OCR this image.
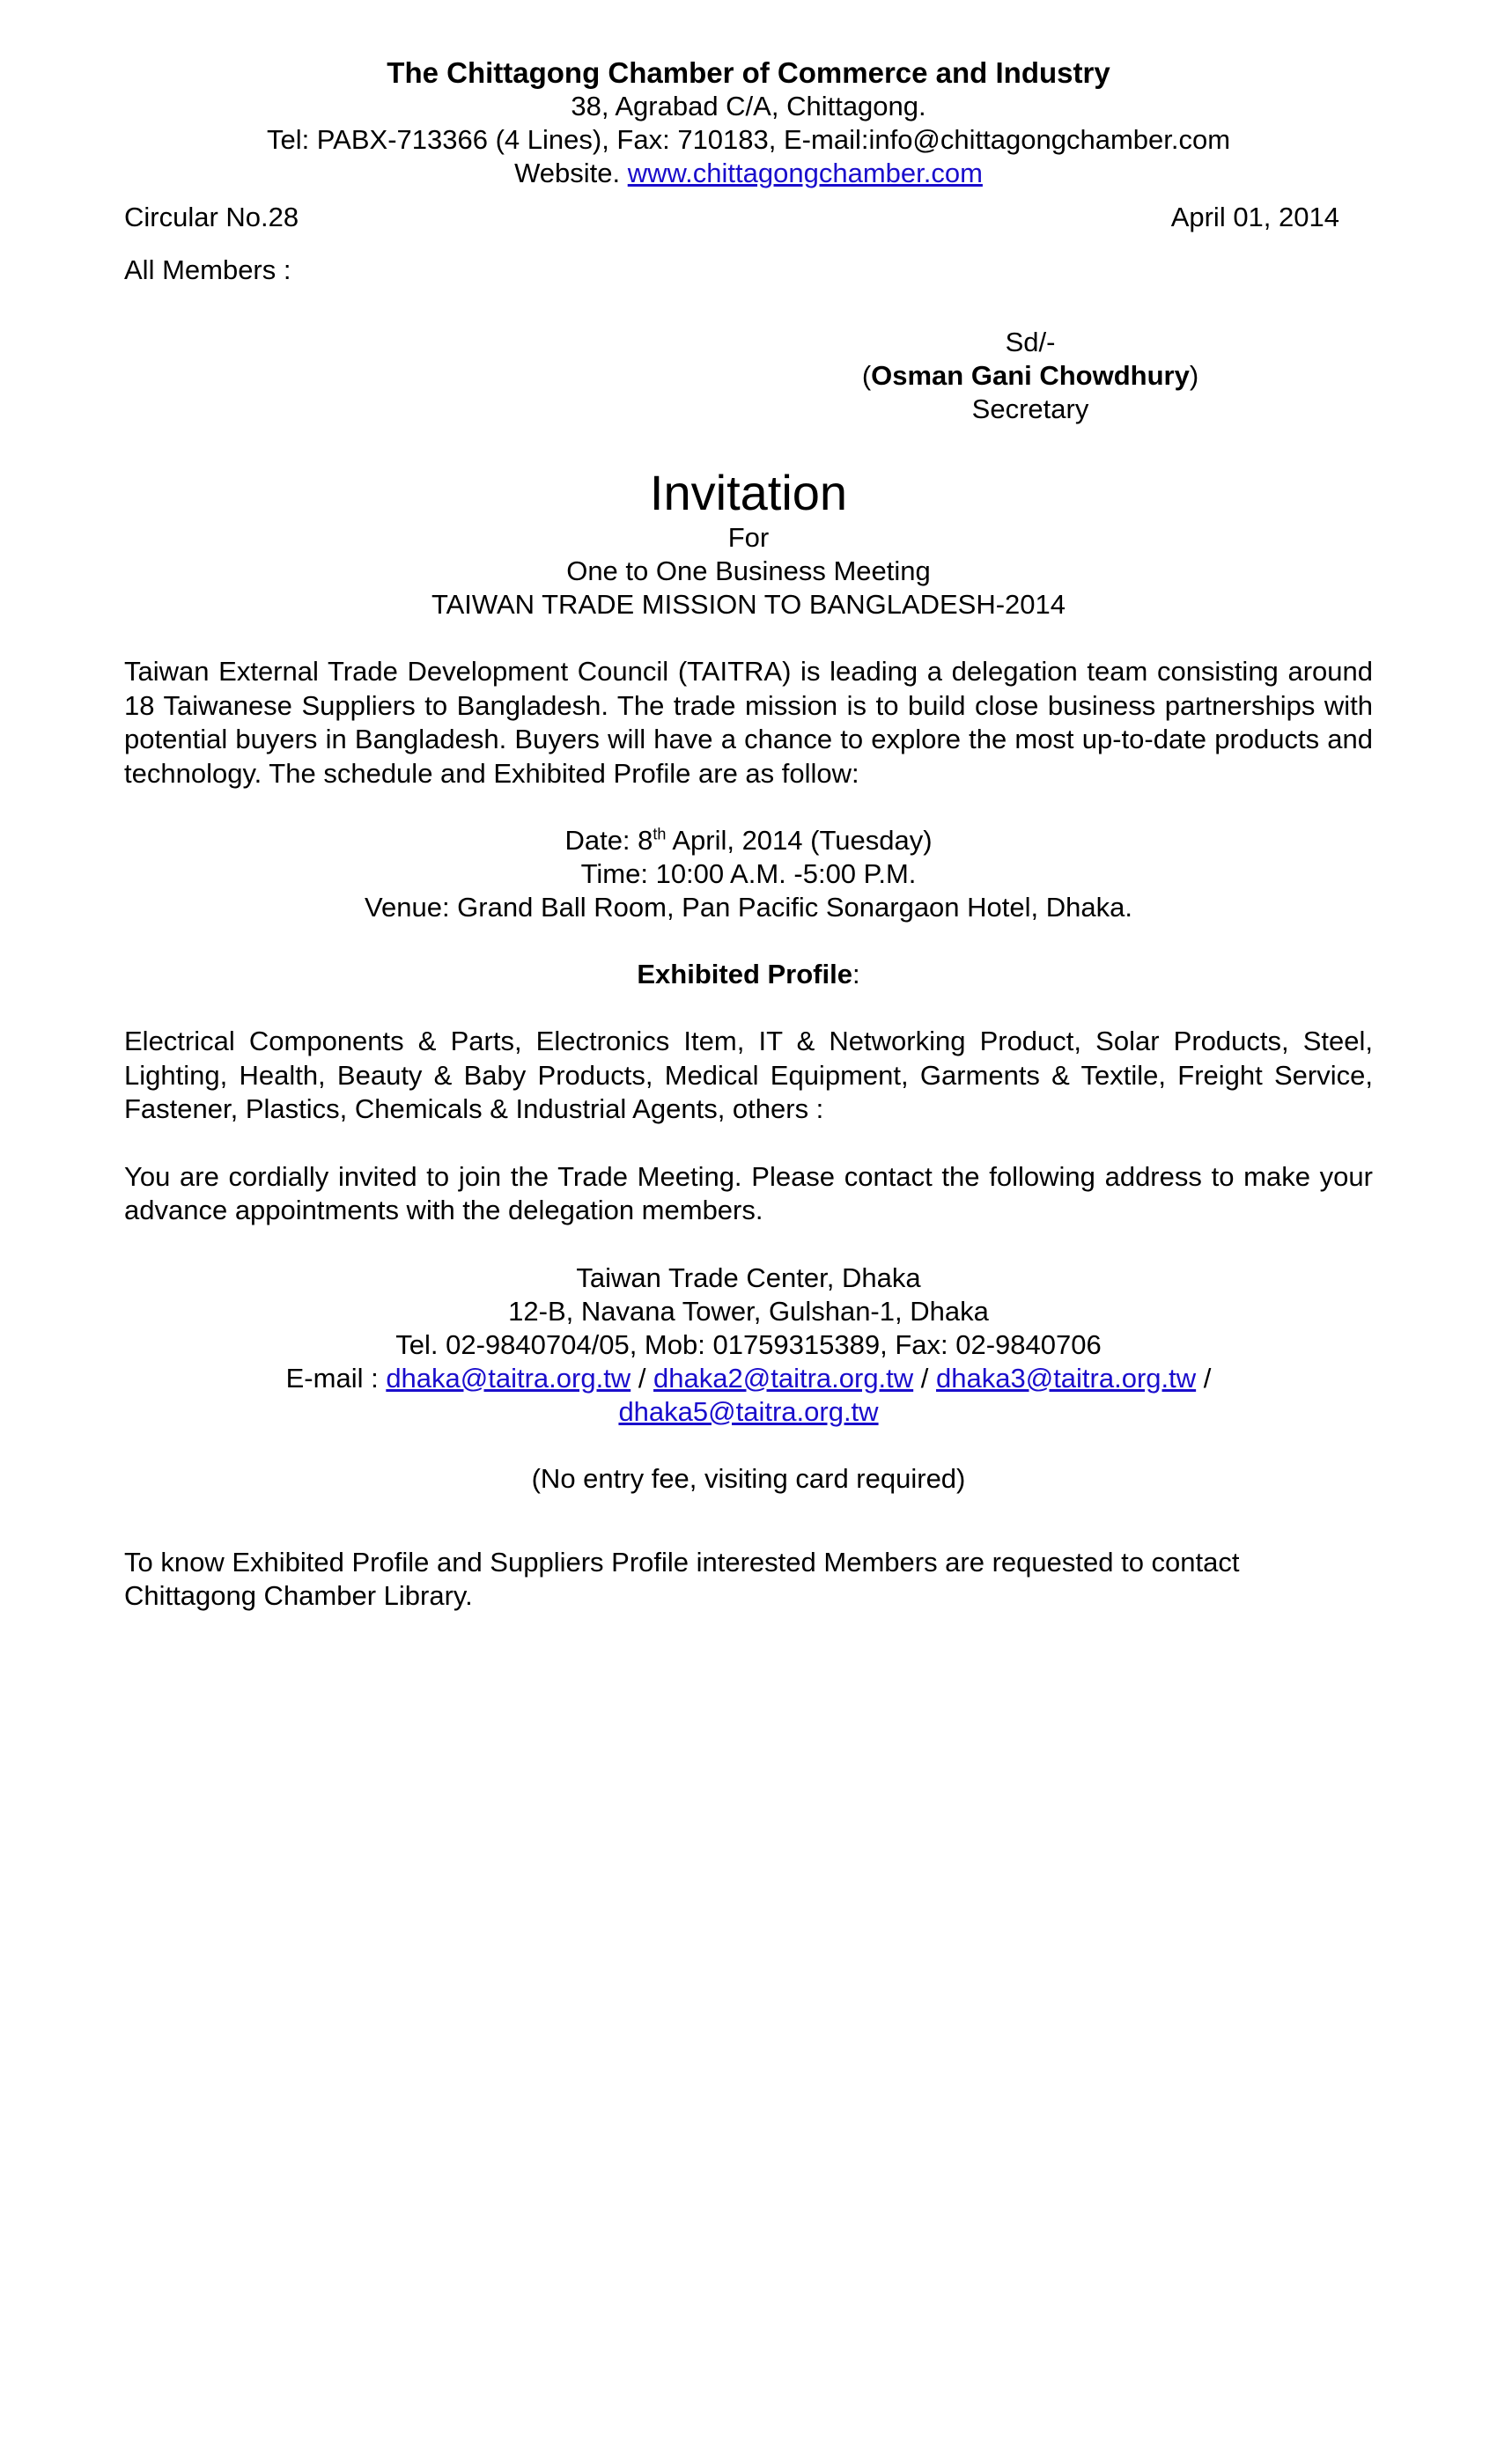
The Chittagong Chamber of Commerce and Industry
38, Agrabad C/A, Chittagong.
Tel: PABX-713366 (4 Lines), Fax: 710183, E-mail:info@chittagongchamber.com
Website. www.chittagongchamber.com
Circular No.28	April 01, 2014
All Members :
Sd/-
(Osman Gani Chowdhury)
Secretary
Invitation
For
One to One Business Meeting
TAIWAN TRADE MISSION TO BANGLADESH-2014
Taiwan External Trade Development Council (TAITRA) is leading a delegation team consisting around 18 Taiwanese Suppliers to Bangladesh. The trade mission is to build close business partnerships with potential buyers in Bangladesh. Buyers will have a chance to explore the most up-to-date products and technology. The schedule and Exhibited Profile are as follow:
Date: 8th April, 2014 (Tuesday)
Time: 10:00 A.M. -5:00 P.M.
Venue: Grand Ball Room, Pan Pacific Sonargaon Hotel, Dhaka.
Exhibited Profile:
Electrical Components & Parts, Electronics Item, IT & Networking Product, Solar Products, Steel, Lighting, Health, Beauty & Baby Products, Medical Equipment, Garments & Textile, Freight Service, Fastener, Plastics, Chemicals & Industrial Agents, others :
You are cordially invited to join the Trade Meeting. Please contact the following address to make your advance appointments with the delegation members.
Taiwan Trade Center, Dhaka
12-B, Navana Tower, Gulshan-1, Dhaka
Tel. 02-9840704/05, Mob: 01759315389, Fax: 02-9840706
E-mail : dhaka@taitra.org.tw / dhaka2@taitra.org.tw / dhaka3@taitra.org.tw /
dhaka5@taitra.org.tw
(No entry fee, visiting card required)
To know Exhibited Profile and Suppliers Profile interested Members are requested to contact Chittagong Chamber Library.
